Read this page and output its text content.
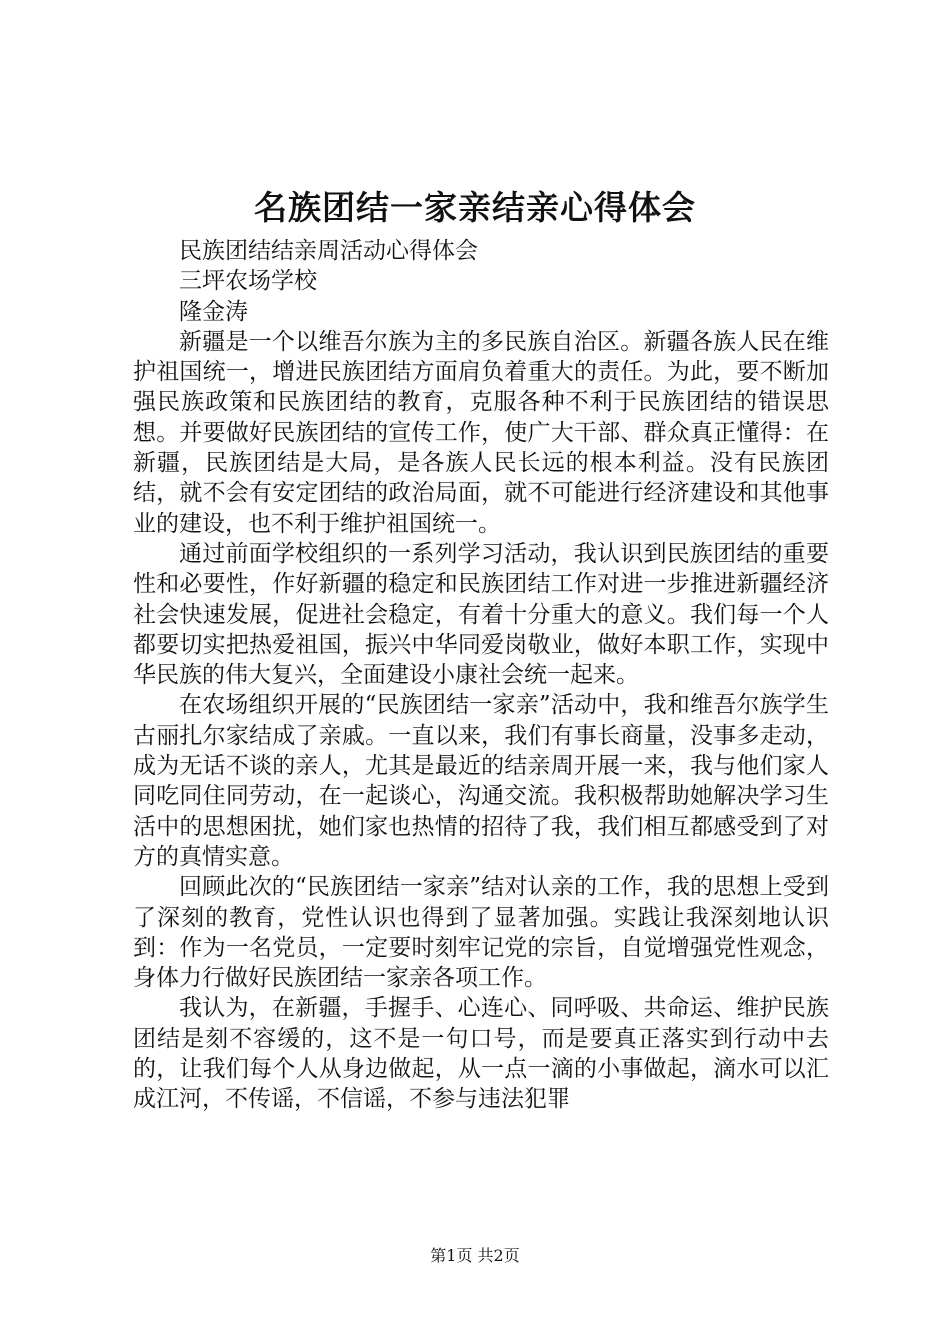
名族团结一家亲结亲心得体会

民族团结结亲周活动心得体会

三坪农场学校

隆金涛

新疆是一个以维吾尔族为主的多民族自治区。新疆各族人民在维护祖国统一，增进民族团结方面肩负着重大的责任。为此，要不断加强民族政策和民族团结的教育，克服各种不利于民族团结的错误思想。并要做好民族团结的宣传工作，使广大干部、群众真正懂得：在新疆，民族团结是大局，是各族人民长远的根本利益。没有民族团结，就不会有安定团结的政治局面，就不可能进行经济建设和其他事业的建设，也不利于维护祖国统一。

通过前面学校组织的一系列学习活动，我认识到民族团结的重要性和必要性，作好新疆的稳定和民族团结工作对进一步推进新疆经济社会快速发展，促进社会稳定，有着十分重大的意义。我们每一个人都要切实把热爱祖国，振兴中华同爱岗敬业，做好本职工作，实现中华民族的伟大复兴，全面建设小康社会统一起来。

在农场组织开展的“民族团结一家亲”活动中，我和维吾尔族学生古丽扎尔家结成了亲戚。一直以来，我们有事长商量，没事多走动，成为无话不谈的亲人，尤其是最近的结亲周开展一来，我与他们家人同吃同住同劳动，在一起谈心，沟通交流。我积极帮助她解决学习生活中的思想困扰，她们家也热情的招待了我，我们相互都感受到了对方的真情实意。

回顾此次的“民族团结一家亲”结对认亲的工作，我的思想上受到了深刻的教育，党性认识也得到了显著加强。实践让我深刻地认识到：作为一名党员，一定要时刻牢记党的宗旨，自觉增强党性观念，身体力行做好民族团结一家亲各项工作。

我认为，在新疆，手握手、心连心、同呼吸、共命运、维护民族团结是刻不容缓的，这不是一句口号，而是要真正落实到行动中去的，让我们每个人从身边做起，从一点一滴的小事做起，滴水可以汇成江河，不传谣，不信谣，不参与违法犯罪

第1页 共2页
